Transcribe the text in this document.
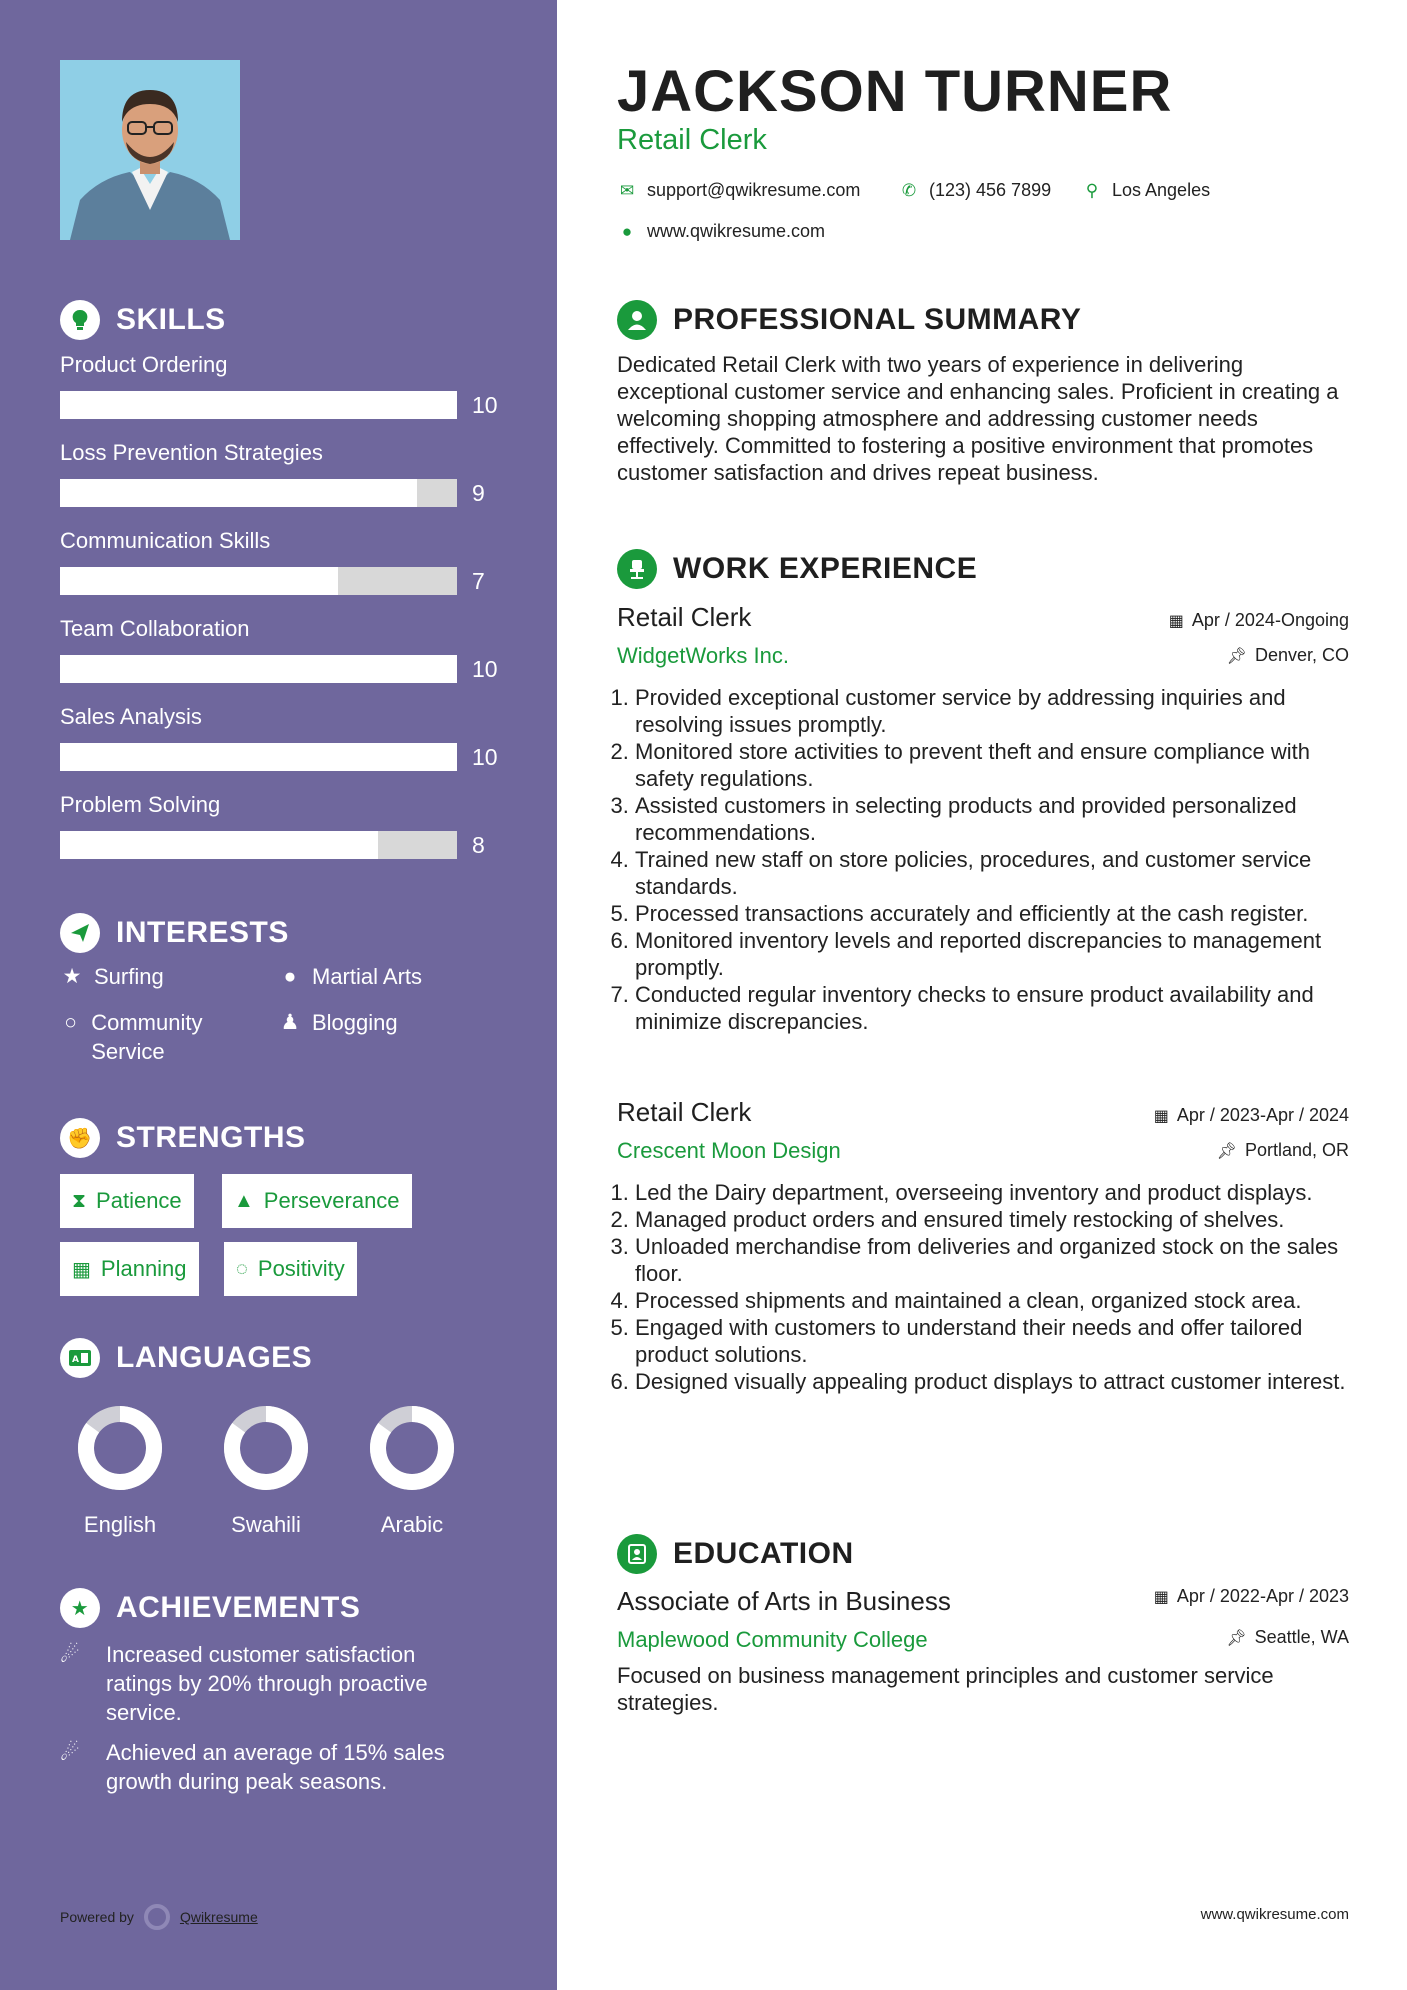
SKILLS
Product Ordering
10
Loss Prevention Strategies
9
Communication Skills
7
Team Collaboration
10
Sales Analysis
10
Problem Solving
8
INTERESTS
★ Surfing	● Martial Arts
○ Community Service
♟ Blogging
✊ STRENGTHS
⧗ Patience	▲ Perseverance
▦ Planning ◌ Positivity
A LANGUAGES
English	Swahili	Arabic
★ ACHIEVEMENTS
☄	Increased customer satisfaction ratings by 20% through proactive service.
☄	Achieved an average of 15% sales growth during peak seasons.
Powered by	Qwikresume
JACKSON TURNER
Retail Clerk
✉ support@qwikresume.com ✆ (123) 456 7899 ⚲ Los Angeles
● www.qwikresume.com
PROFESSIONAL SUMMARY
Dedicated Retail Clerk with two years of experience in delivering exceptional customer service and enhancing sales. Proficient in creating a welcoming shopping atmosphere and addressing customer needs effectively. Committed to fostering a positive environment that promotes customer satisfaction and drives repeat business.
WORK EXPERIENCE
Retail Clerk	▦ Apr / 2024-Ongoing
WidgetWorks Inc.	📌︎ Denver, CO
1. Provided exceptional customer service by addressing inquiries and resolving issues promptly.
2. Monitored store activities to prevent theft and ensure compliance with safety regulations.
3. Assisted customers in selecting products and provided personalized recommendations.
4. Trained new staff on store policies, procedures, and customer service standards.
5. Processed transactions accurately and efficiently at the cash register.
6. Monitored inventory levels and reported discrepancies to management promptly.
7. Conducted regular inventory checks to ensure product availability and minimize discrepancies.
Retail Clerk	▦ Apr / 2023-Apr / 2024
Crescent Moon Design	📌︎ Portland, OR
1. Led the Dairy department, overseeing inventory and product displays.
2. Managed product orders and ensured timely restocking of shelves.
3. Unloaded merchandise from deliveries and organized stock on the sales floor.
4. Processed shipments and maintained a clean, organized stock area.
5. Engaged with customers to understand their needs and offer tailored product solutions.
6. Designed visually appealing product displays to attract customer interest.
EDUCATION
Associate of Arts in Business	▦ Apr / 2022-Apr / 2023
Maplewood Community College	📌︎ Seattle, WA
Focused on business management principles and customer service strategies.
www.qwikresume.com
